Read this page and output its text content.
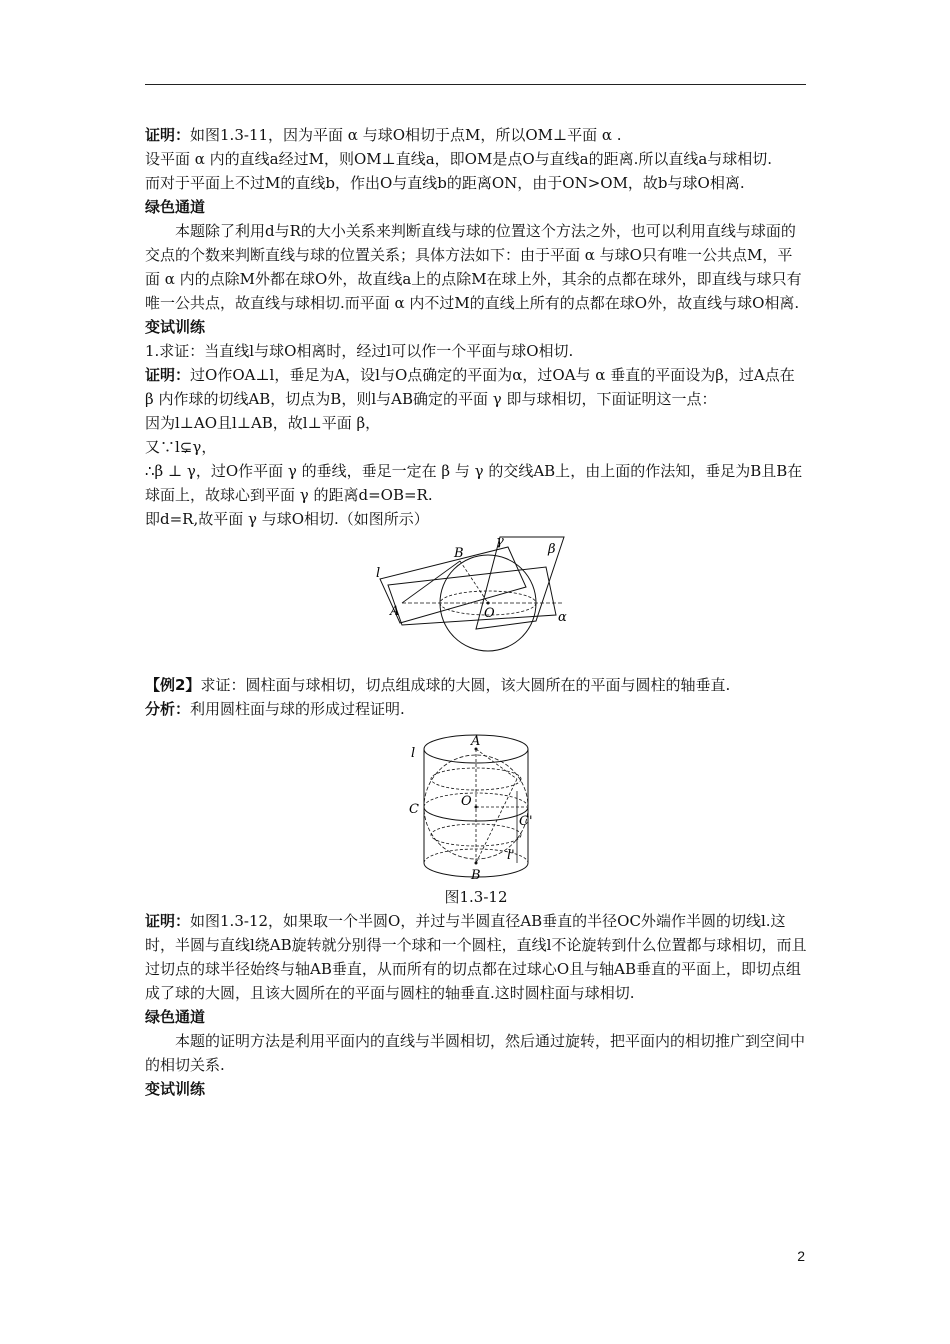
证明：如图1.3-11，因为平面 α 与球O相切于点M，所以OM⊥平面 α .

设平面 α 内的直线a经过M，则OM⊥直线a，即OM是点O与直线a的距离.所以直线a与球相切.

而对于平面上不过M的直线b，作出O与直线b的距离ON，由于ON>OM，故b与球O相离.

绿色通道

本题除了利用d与R的大小关系来判断直线与球的位置这个方法之外，也可以利用直线与球面的交点的个数来判断直线与球的位置关系；具体方法如下：由于平面 α 与球O只有唯一公共点M，平面 α 内的点除M外都在球O外，故直线a上的点除M在球上外，其余的点都在球外，即直线与球只有唯一公共点，故直线与球相切.而平面 α 内不过M的直线上所有的点都在球O外，故直线与球O相离.

变试训练

1.求证：当直线l与球O相离时，经过l可以作一个平面与球O相切.

证明：过O作OA⊥l，垂足为A，设l与O点确定的平面为α，过OA与 α 垂直的平面设为β，过A点在 β 内作球的切线AB，切点为B，则l与AB确定的平面 γ 即与球相切，下面证明这一点：

因为l⊥AO且l⊥AB，故l⊥平面 β，

又∵l⊊γ，

∴β ⊥ γ，过O作平面 γ 的垂线，垂足一定在 β 与 γ 的交线AB上，由上面的作法知，垂足为B且B在球面上，故球心到平面 γ 的距离d=OB=R.

即d=R,故平面 γ 与球O相切.（如图所示）

l
A
B
O	α
β
γ

【例2】求证：圆柱面与球相切，切点组成球的大圆，该大圆所在的平面与圆柱的轴垂直.

分析：利用圆柱面与球的形成过程证明.

l
A
O
C
C'
B
l'
图1.3-12

证明：如图1.3-12，如果取一个半圆O，并过与半圆直径AB垂直的半径OC外端作半圆的切线l.这时，半圆与直线l绕AB旋转就分别得一个球和一个圆柱，直线l不论旋转到什么位置都与球相切，而且过切点的球半径始终与轴AB垂直，从而所有的切点都在过球心O且与轴AB垂直的平面上，即切点组成了球的大圆，且该大圆所在的平面与圆柱的轴垂直.这时圆柱面与球相切.

绿色通道

本题的证明方法是利用平面内的直线与半圆相切，然后通过旋转，把平面内的相切推广到空间中的相切关系.

变试训练

2
